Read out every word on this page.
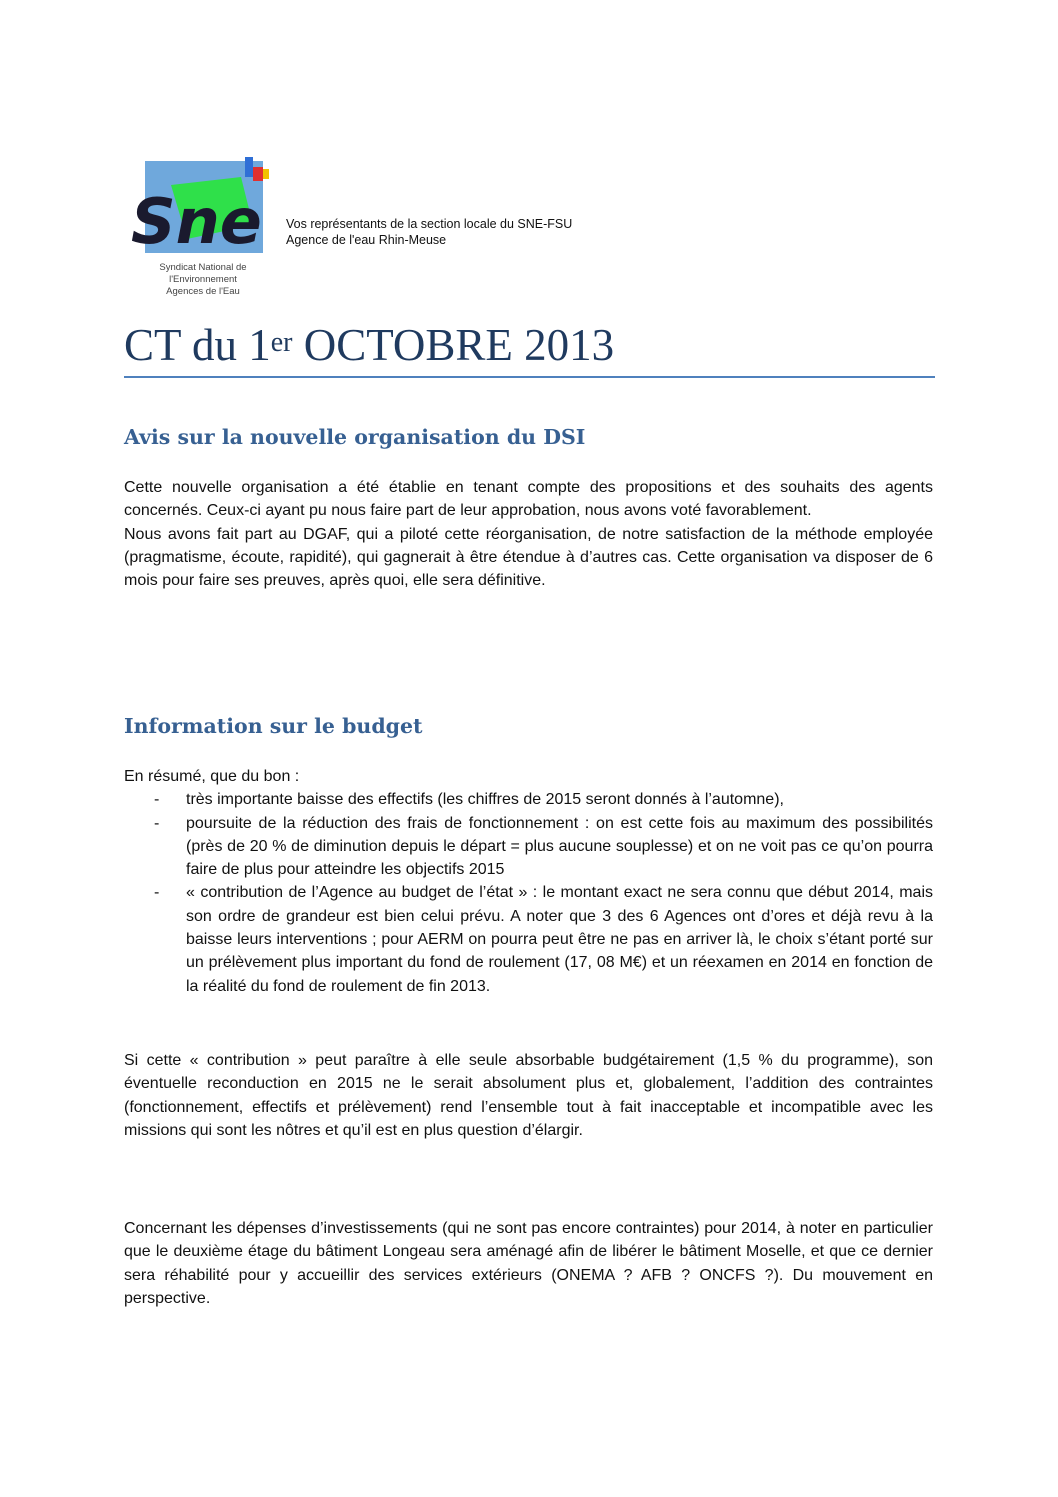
Sne
Syndicat National de l'Environnement
Agences de l'Eau
Vos représentants de la section locale du SNE-FSU
Agence de l'eau Rhin-Meuse
CT du 1er OCTOBRE 2013
Avis sur la nouvelle organisation du DSI

Cette nouvelle organisation a été établie en tenant compte des propositions et des souhaits des agents concernés. Ceux-ci ayant pu nous faire part de leur approbation, nous avons voté favorablement.

Nous avons fait part au DGAF, qui a piloté cette réorganisation, de notre satisfaction de la méthode employée (pragmatisme, écoute, rapidité), qui gagnerait à être étendue à d’autres cas. Cette organisation va disposer de 6 mois pour faire ses preuves, après quoi, elle sera définitive.

Information sur le budget

En résumé, que du bon :

- très importante baisse des effectifs (les chiffres de 2015 seront donnés à l’automne),
- poursuite de la réduction des frais de fonctionnement : on est cette fois au maximum des possibilités (près de 20 % de diminution depuis le départ = plus aucune souplesse) et on ne voit pas ce qu’on pourra faire de plus pour atteindre les objectifs 2015
- « contribution de l’Agence au budget de l’état » : le montant exact ne sera connu que début 2014, mais son ordre de grandeur est bien celui prévu. A noter que 3 des 6 Agences ont d’ores et déjà revu à la baisse leurs interventions ; pour AERM on pourra peut être ne pas en arriver là, le choix s’étant porté sur un prélèvement plus important du fond de roulement (17, 08 M€) et un réexamen en 2014 en fonction de la réalité du fond de roulement de fin 2013.
Si cette « contribution » peut paraître à elle seule absorbable budgétairement (1,5 % du programme), son éventuelle reconduction en 2015 ne le serait absolument plus et, globalement, l’addition des contraintes (fonctionnement, effectifs et prélèvement) rend l’ensemble tout à fait inacceptable et incompatible avec les missions qui sont les nôtres et qu’il est en plus question d’élargir.
Concernant les dépenses d’investissements (qui ne sont pas encore contraintes) pour 2014, à noter en particulier que le deuxième étage du bâtiment Longeau sera aménagé afin de libérer le bâtiment Moselle, et que ce dernier sera réhabilité pour y accueillir des services extérieurs (ONEMA ? AFB ? ONCFS ?). Du mouvement en perspective.
